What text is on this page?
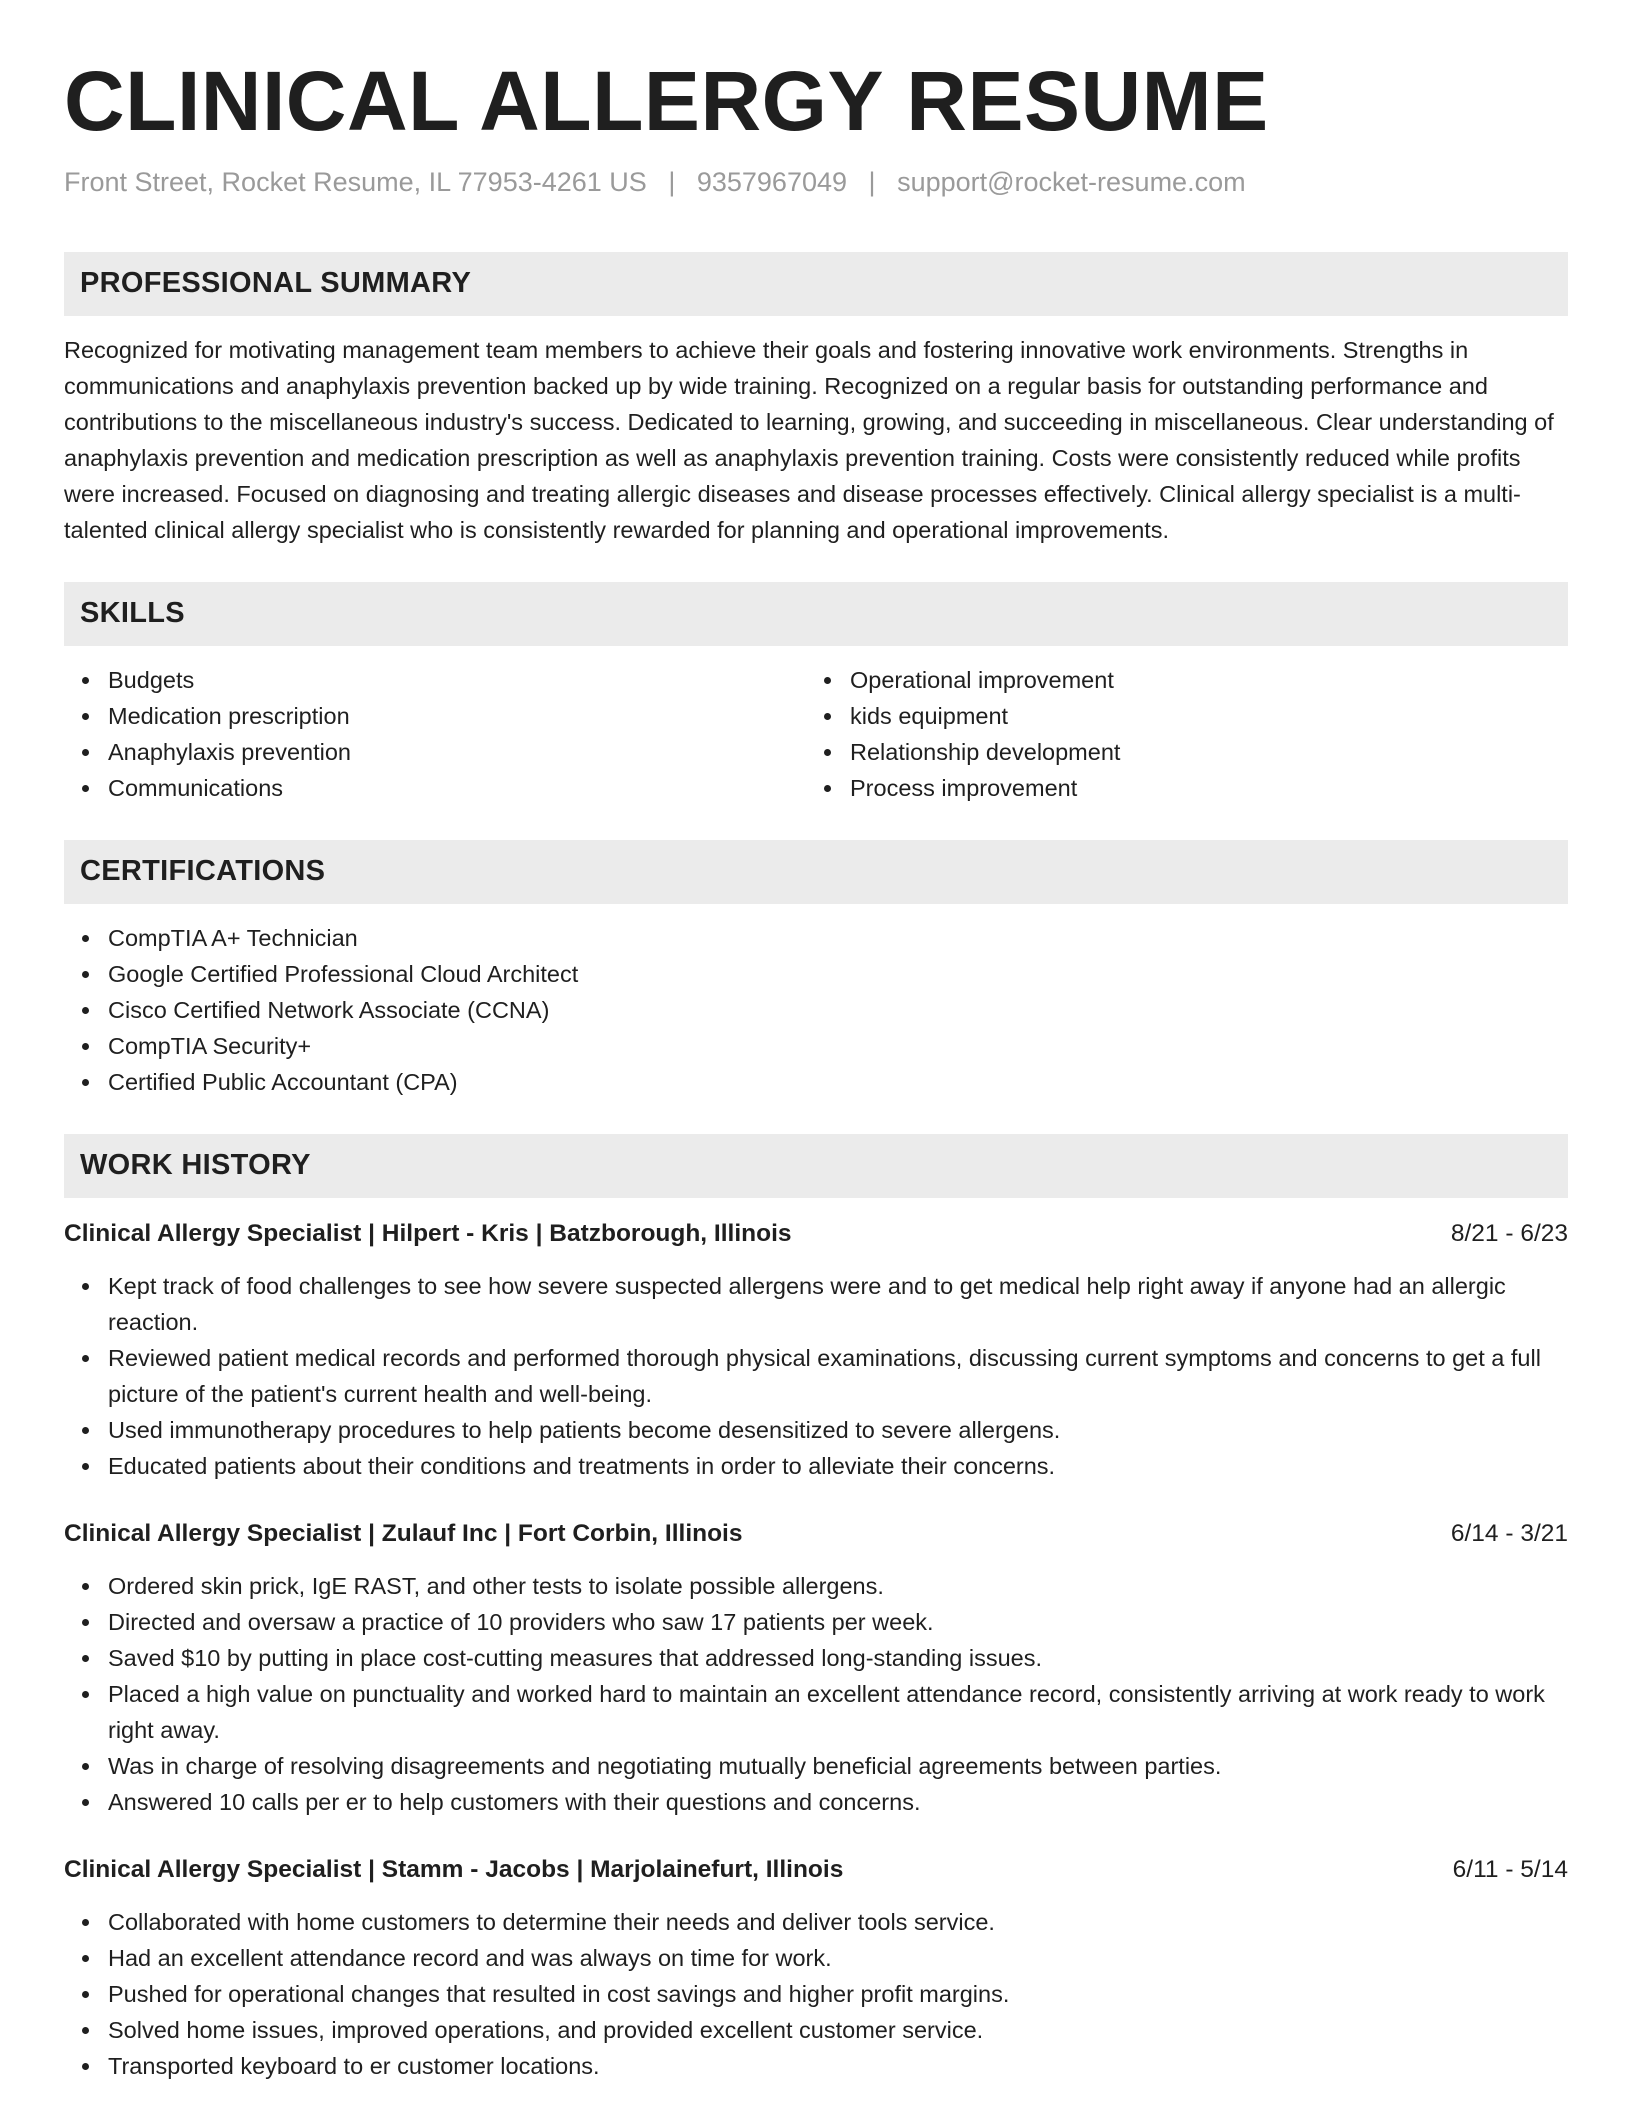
CLINICAL ALLERGY RESUME
Front Street, Rocket Resume, IL 77953-4261 US | 9357967049 | support@rocket-resume.com
PROFESSIONAL SUMMARY

Recognized for motivating management team members to achieve their goals and fostering innovative work environments. Strengths in communications and anaphylaxis prevention backed up by wide training. Recognized on a regular basis for outstanding performance and contributions to the miscellaneous industry's success. Dedicated to learning, growing, and succeeding in miscellaneous. Clear understanding of anaphylaxis prevention and medication prescription as well as anaphylaxis prevention training. Costs were consistently reduced while profits were increased. Focused on diagnosing and treating allergic diseases and disease processes effectively. Clinical allergy specialist is a multi-talented clinical allergy specialist who is consistently rewarded for planning and operational improvements.

SKILLS
Budgets
Medication prescription
Anaphylaxis prevention
Communications
Operational improvement
kids equipment
Relationship development
Process improvement
CERTIFICATIONS
CompTIA A+ Technician
Google Certified Professional Cloud Architect
Cisco Certified Network Associate (CCNA)
CompTIA Security+
Certified Public Accountant (CPA)
WORK HISTORY
Clinical Allergy Specialist | Hilpert - Kris | Batzborough, Illinois	8/21 - 6/23
Kept track of food challenges to see how severe suspected allergens were and to get medical help right away if anyone had an allergic reaction.
Reviewed patient medical records and performed thorough physical examinations, discussing current symptoms and concerns to get a full picture of the patient's current health and well-being.
Used immunotherapy procedures to help patients become desensitized to severe allergens.
Educated patients about their conditions and treatments in order to alleviate their concerns.
Clinical Allergy Specialist | Zulauf Inc | Fort Corbin, Illinois	6/14 - 3/21
Ordered skin prick, IgE RAST, and other tests to isolate possible allergens.
Directed and oversaw a practice of 10 providers who saw 17 patients per week.
Saved $10 by putting in place cost-cutting measures that addressed long-standing issues.
Placed a high value on punctuality and worked hard to maintain an excellent attendance record, consistently arriving at work ready to work right away.
Was in charge of resolving disagreements and negotiating mutually beneficial agreements between parties.
Answered 10 calls per er to help customers with their questions and concerns.
Clinical Allergy Specialist | Stamm - Jacobs | Marjolainefurt, Illinois	6/11 - 5/14
Collaborated with home customers to determine their needs and deliver tools service.
Had an excellent attendance record and was always on time for work.
Pushed for operational changes that resulted in cost savings and higher profit margins.
Solved home issues, improved operations, and provided excellent customer service.
Transported keyboard to er customer locations.
